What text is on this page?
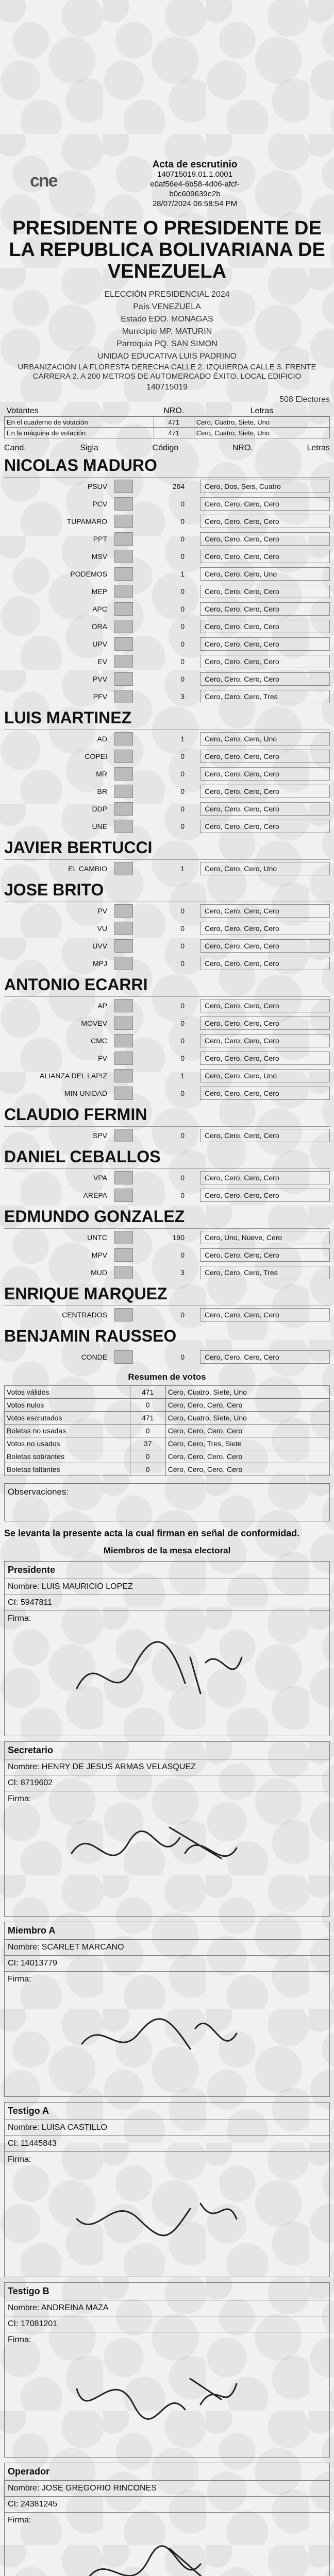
cne
Acta de escrutinio
140715019.01.1.0001
e0af56e4-6b58-4d06-afcf-
b0c609639e2b
28/07/2024 06:58:54 PM
PRESIDENTE O PRESIDENTE DE LA REPUBLICA BOLIVARIANA DE VENEZUELA
ELECCIÓN PRESIDENCIAL 2024
País VENEZUELA
Estado EDO. MONAGAS
Municipio MP. MATURIN
Parroquia PQ. SAN SIMON
UNIDAD EDUCATIVA LUIS PADRINO
URBANIZACION LA FLORESTA DERECHA CALLE 2. IZQUIERDA CALLE 3. FRENTE CARRERA 2. A 200 METROS DE AUTOMERCADO ÉXITO. LOCAL EDIFICIO
140715019
508 Electores
Votantes	NRO.	Letras
En el cuaderno de votación	471	Cero, Cuatro, Siete, Uno
En la máquina de votación	471	Cero, Cuatro, Siete, Uno
Cand.	Sigla	Código	NRO.	Letras
NICOLAS MADURO
PSUV	264	Cero, Dos, Seis, Cuatro
PCV	0	Cero, Cero, Cero, Cero
TUPAMARO	0	Cero, Cero, Cero, Cero
PPT	0	Cero, Cero, Cero, Cero
MSV	0	Cero, Cero, Cero, Cero
PODEMOS	1	Cero, Cero, Cero, Uno
MEP	0	Cero, Cero, Cero, Cero
APC	0	Cero, Cero, Cero, Cero
ORA	0	Cero, Cero, Cero, Cero
UPV	0	Cero, Cero, Cero, Cero
EV	0	Cero, Cero, Cero, Cero
PVV	0	Cero, Cero, Cero, Cero
PFV	3	Cero, Cero, Cero, Tres
LUIS MARTINEZ
AD	1	Cero, Cero, Cero, Uno
COPEI	0	Cero, Cero, Cero, Cero
MR	0	Cero, Cero, Cero, Cero
BR	0	Cero, Cero, Cero, Cero
DDP	0	Cero, Cero, Cero, Cero
UNE	0	Cero, Cero, Cero, Cero
JAVIER BERTUCCI
EL CAMBIO	1	Cero, Cero, Cero, Uno
JOSE BRITO
PV	0	Cero, Cero, Cero, Cero
VU	0	Cero, Cero, Cero, Cero
UVV	0	Cero, Cero, Cero, Cero
MPJ	0	Cero, Cero, Cero, Cero
ANTONIO ECARRI
AP	0	Cero, Cero, Cero, Cero
MOVEV	0	Cero, Cero, Cero, Cero
CMC	0	Cero, Cero, Cero, Cero
FV	0	Cero, Cero, Cero, Cero
ALIANZA DEL LAPIZ	1	Cero, Cero, Cero, Uno
MIN UNIDAD	0	Cero, Cero, Cero, Cero
CLAUDIO FERMIN
SPV	0	Cero, Cero, Cero, Cero
DANIEL CEBALLOS
VPA	0	Cero, Cero, Cero, Cero
AREPA	0	Cero, Cero, Cero, Cero
EDMUNDO GONZALEZ
UNTC	190	Cero, Uno, Nueve, Cero
MPV	0	Cero, Cero, Cero, Cero
MUD	3	Cero, Cero, Cero, Tres
ENRIQUE MARQUEZ
CENTRADOS	0	Cero, Cero, Cero, Cero
BENJAMIN RAUSSEO
CONDE	0	Cero, Cero, Cero, Cero
Resumen de votos
Votos válidos	471	Cero, Cuatro, Siete, Uno
Votos nulos	0	Cero, Cero, Cero, Cero
Votos escrutados	471	Cero, Cuatro, Siete, Uno
Boletas no usadas	0	Cero, Cero, Cero, Cero
Votos no usados	37	Cero, Cero, Tres, Siete
Boletas sobrantes	0	Cero, Cero, Cero, Cero
Boletas faltantes	0	Cero, Cero, Cero, Cero
Observaciones:
Se levanta la presente acta la cual firman en señal de conformidad.
Miembros de la mesa electoral
Presidente
Nombre: LUIS MAURICIO LOPEZ
CI: 5947811
Firma:
Secretario
Nombre: HENRY DE JESUS ARMAS VELASQUEZ
CI: 8719602
Firma:
Miembro A
Nombre: SCARLET MARCANO
CI: 14013779
Firma:
Testigo A
Nombre: LUISA CASTILLO
CI: 11445843
Firma:
Testigo B
Nombre: ANDREINA MAZA
CI: 17081201
Firma:
Operador
Nombre: JOSE GREGORIO RINCONES
CI: 24381245
Firma:
